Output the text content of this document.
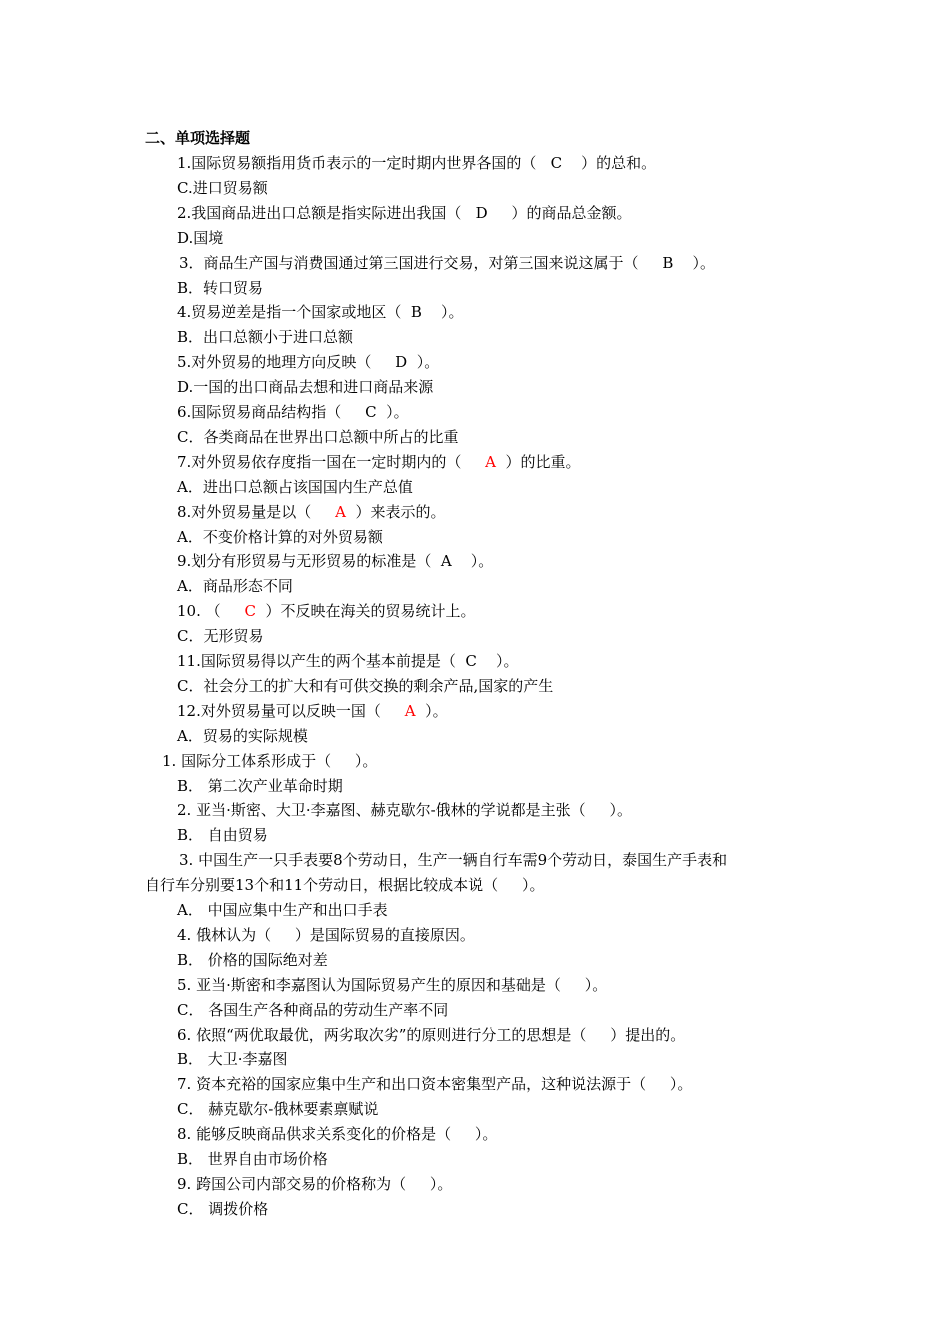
二、单项选择题
1.国际贸易额指用货币表示的一定时期内世界各国的（   C    ）的总和。
C.进口贸易额
2.我国商品进出口总额是指实际进出我国（   D     ）的商品总金额。
D.国境
3．商品生产国与消费国通过第三国进行交易，对第三国来说这属于（     B    ）。
B．转口贸易
4.贸易逆差是指一个国家或地区（  B    ）。
B．出口总额小于进口总额
5.对外贸易的地理方向反映（     D  ）。
D.一国的出口商品去想和进口商品来源
6.国际贸易商品结构指（     C  ）。
C．各类商品在世界出口总额中所占的比重
7.对外贸易依存度指一国在一定时期内的（     A  ）的比重。
A．进出口总额占该国国内生产总值
8.对外贸易量是以（     A  ）来表示的。
A．不变价格计算的对外贸易额
9.划分有形贸易与无形贸易的标准是（  A    ）。
A．商品形态不同
10. （     C  ）不反映在海关的贸易统计上。
C．无形贸易
11.国际贸易得以产生的两个基本前提是（  C    ）。
C．社会分工的扩大和有可供交换的剩余产品,国家的产生
12.对外贸易量可以反映一国（     A  ）。
A．贸易的实际规模
1. 国际分工体系形成于（     ）。
B． 第二次产业革命时期
2. 亚当·斯密、大卫·李嘉图、赫克歇尔-俄林的学说都是主张（     ）。
B． 自由贸易
3. 中国生产一只手表要8个劳动日，生产一辆自行车需9个劳动日，泰国生产手表和
自行车分别要13个和11个劳动日，根据比较成本说（     ）。
A． 中国应集中生产和出口手表
4. 俄林认为（     ）是国际贸易的直接原因。
B． 价格的国际绝对差
5. 亚当·斯密和李嘉图认为国际贸易产生的原因和基础是（     ）。
C． 各国生产各种商品的劳动生产率不同
6. 依照“两优取最优，两劣取次劣”的原则进行分工的思想是（     ）提出的。
B． 大卫·李嘉图
7. 资本充裕的国家应集中生产和出口资本密集型产品，这种说法源于（     ）。
C． 赫克歇尔-俄林要素禀赋说
8. 能够反映商品供求关系变化的价格是（     ）。
B． 世界自由市场价格
9. 跨国公司内部交易的价格称为（     ）。
C． 调拨价格
